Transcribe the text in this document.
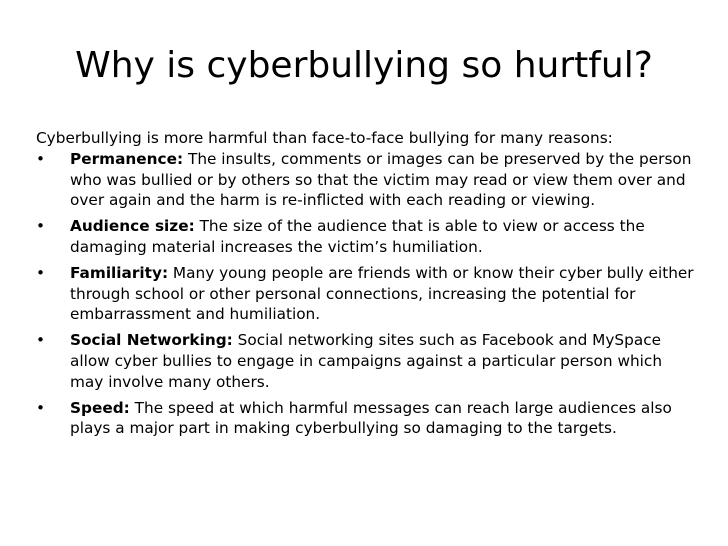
Why is cyberbullying so hurtful?

Cyberbullying is more harmful than face-to-face bullying for many reasons:

•	Permanence: The insults, comments or images can be preserved by the person who was bullied or by others so that the victim may read or view them over and over again and the harm is re-inflicted with each reading or viewing.
•	Audience size: The size of the audience that is able to view or access the damaging material increases the victim’s humiliation.
•	Familiarity: Many young people are friends with or know their cyber bully either through school or other personal connections, increasing the potential for embarrassment and humiliation.
•	Social Networking: Social networking sites such as Facebook and MySpace allow cyber bullies to engage in campaigns against a particular person which may involve many others.
•	Speed: The speed at which harmful messages can reach large audiences also plays a major part in making cyberbullying so damaging to the targets.
